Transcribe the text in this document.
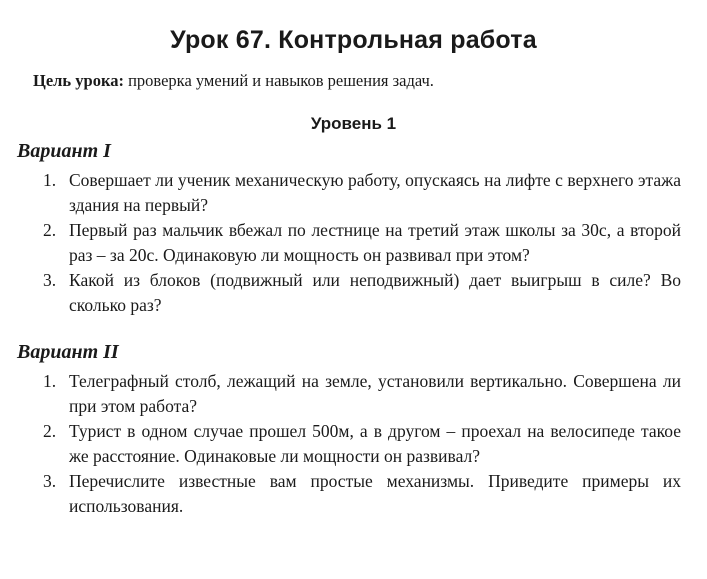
Урок 67. Контрольная работа
Цель урока: проверка умений и навыков решения задач.
Уровень 1
Вариант I
1. Совершает ли ученик механическую работу, опускаясь на лифте с верхнего этажа здания на первый?
2. Первый раз мальчик вбежал по лестнице на третий этаж школы за 30с, а второй раз – за 20с. Одинаковую ли мощность он развивал при этом?
3. Какой из блоков (подвижный или неподвижный) дает выигрыш в силе? Во сколько раз?
Вариант II
1. Телеграфный столб, лежащий на земле, установили вертикально. Совершена ли при этом работа?
2. Турист в одном случае прошел 500м, а в другом – проехал на велосипеде такое же расстояние. Одинаковые ли мощности он развивал?
3. Перечислите известные вам простые механизмы. Приведите примеры их использования.
